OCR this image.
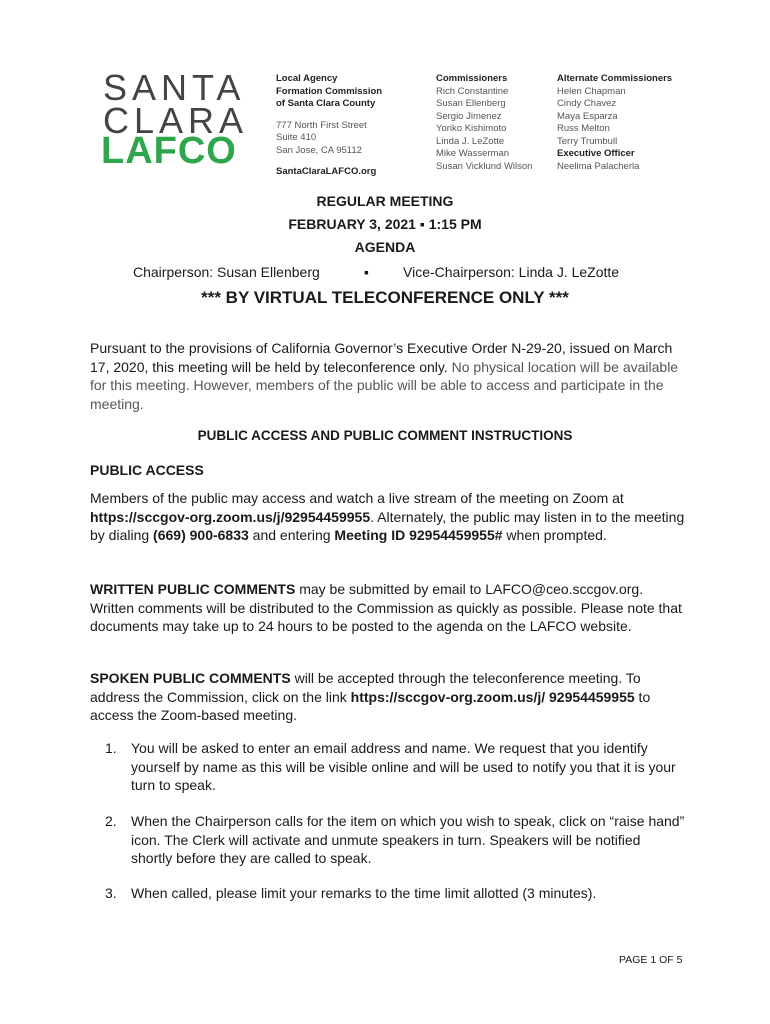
SANTA
CLARA
LAFCO
Local Agency
Formation Commission
of Santa Clara County
777 North First Street
Suite 410
San Jose, CA 95112
SantaClaraLAFCO.org
Commissioners
Rich Constantine
Susan Ellenberg
Sergio Jimenez
Yoriko Kishimoto
Linda J. LeZotte
Mike Wasserman
Susan Vicklund Wilson
Alternate Commissioners
Helen Chapman
Cindy Chavez
Maya Esparza
Russ Melton
Terry Trumbull
Executive Officer
Neelima Palacherla
REGULAR MEETING
FEBRUARY 3, 2021 ▪ 1:15 PM
AGENDA
Chairperson: Susan Ellenberg	▪ Vice-Chairperson: Linda J. LeZotte
*** BY VIRTUAL TELECONFERENCE ONLY ***
Pursuant to the provisions of California Governor’s Executive Order N-29-20, issued on March 17, 2020, this meeting will be held by teleconference only. No physical location will be available for this meeting. However, members of the public will be able to access and participate in the meeting.
PUBLIC ACCESS AND PUBLIC COMMENT INSTRUCTIONS
PUBLIC ACCESS
Members of the public may access and watch a live stream of the meeting on Zoom at https://sccgov-org.zoom.us/j/92954459955. Alternately, the public may listen in to the meeting by dialing (669) 900-6833 and entering Meeting ID 92954459955# when prompted.
WRITTEN PUBLIC COMMENTS may be submitted by email to LAFCO@ceo.sccgov.org. Written comments will be distributed to the Commission as quickly as possible. Please note that documents may take up to 24 hours to be posted to the agenda on the LAFCO website.
SPOKEN PUBLIC COMMENTS will be accepted through the teleconference meeting. To address the Commission, click on the link https://sccgov-org.zoom.us/j/ 92954459955 to access the Zoom-based meeting.
1. You will be asked to enter an email address and name. We request that you identify yourself by name as this will be visible online and will be used to notify you that it is your turn to speak.
2. When the Chairperson calls for the item on which you wish to speak, click on “raise hand” icon. The Clerk will activate and unmute speakers in turn. Speakers will be notified shortly before they are called to speak.
3. When called, please limit your remarks to the time limit allotted (3 minutes).
PAGE 1 OF 5
